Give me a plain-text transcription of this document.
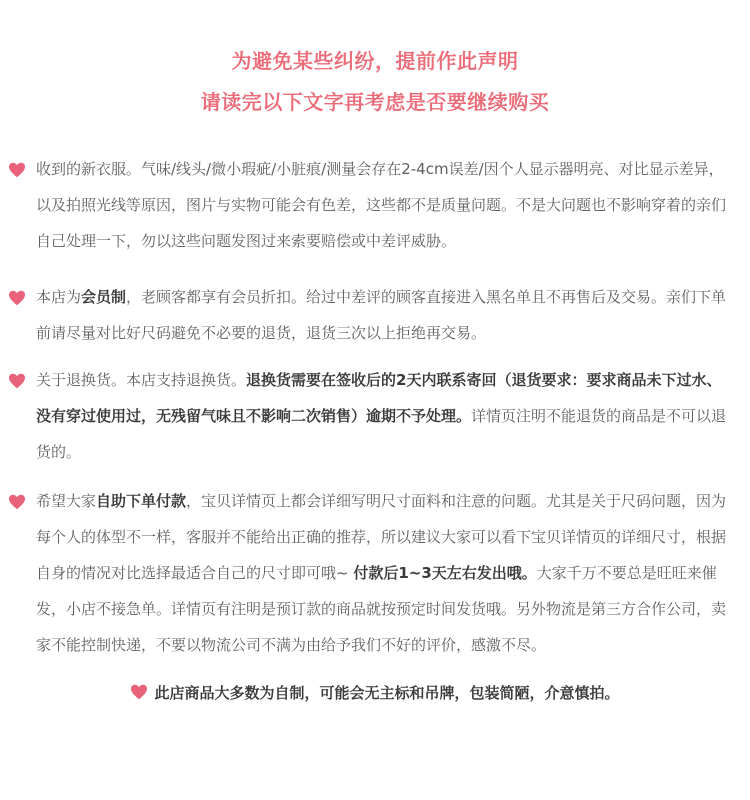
为避免某些纠纷，提前作此声明
请读完以下文字再考虑是否要继续购买
收到的新衣服。气味/线头/微小瑕疵/小脏痕/测量会存在2-4cm误差/因个人显示器明亮、对比显示差异，以及拍照光线等原因，图片与实物可能会有色差，这些都不是质量问题。不是大问题也不影响穿着的亲们自己处理一下，勿以这些问题发图过来索要赔偿或中差评威胁。
本店为会员制，老顾客都享有会员折扣。给过中差评的顾客直接进入黑名单且不再售后及交易。亲们下单前请尽量对比好尺码避免不必要的退货，退货三次以上拒绝再交易。
关于退换货。本店支持退换货。退换货需要在签收后的2天内联系寄回（退货要求：要求商品未下过水、没有穿过使用过，无残留气味且不影响二次销售）逾期不予处理。详情页注明不能退货的商品是不可以退货的。
希望大家自助下单付款，宝贝详情页上都会详细写明尺寸面料和注意的问题。尤其是关于尺码问题，因为每个人的体型不一样，客服并不能给出正确的推荐，所以建议大家可以看下宝贝详情页的详细尺寸，根据自身的情况对比选择最适合自己的尺寸即可哦~ 付款后1~3天左右发出哦。大家千万不要总是旺旺来催发，小店不接急单。详情页有注明是预订款的商品就按预定时间发货哦。另外物流是第三方合作公司，卖家不能控制快递，不要以物流公司不满为由给予我们不好的评价，感激不尽。
此店商品大多数为自制，可能会无主标和吊牌，包装简陋，介意慎拍。
